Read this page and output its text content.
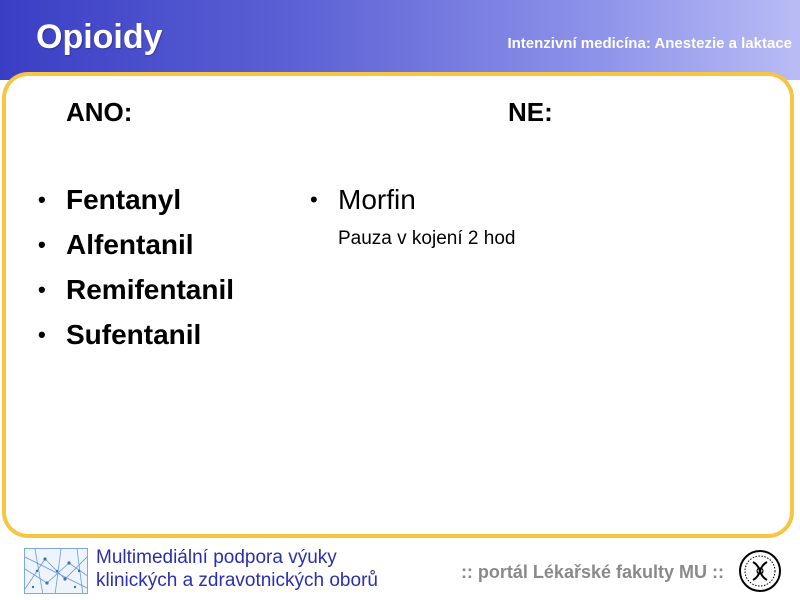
Opioidy	Intenzivní medicína: Anestezie a laktace
ANO:	NE:
• Fentanyl
• Alfentanil
• Remifentanil
• Sufentanil
• Morfin
Pauza v kojení 2 hod
Multimediální podpora výuky
klinických a zdravotnických oborů	:: portál Lékařské fakulty MU ::
